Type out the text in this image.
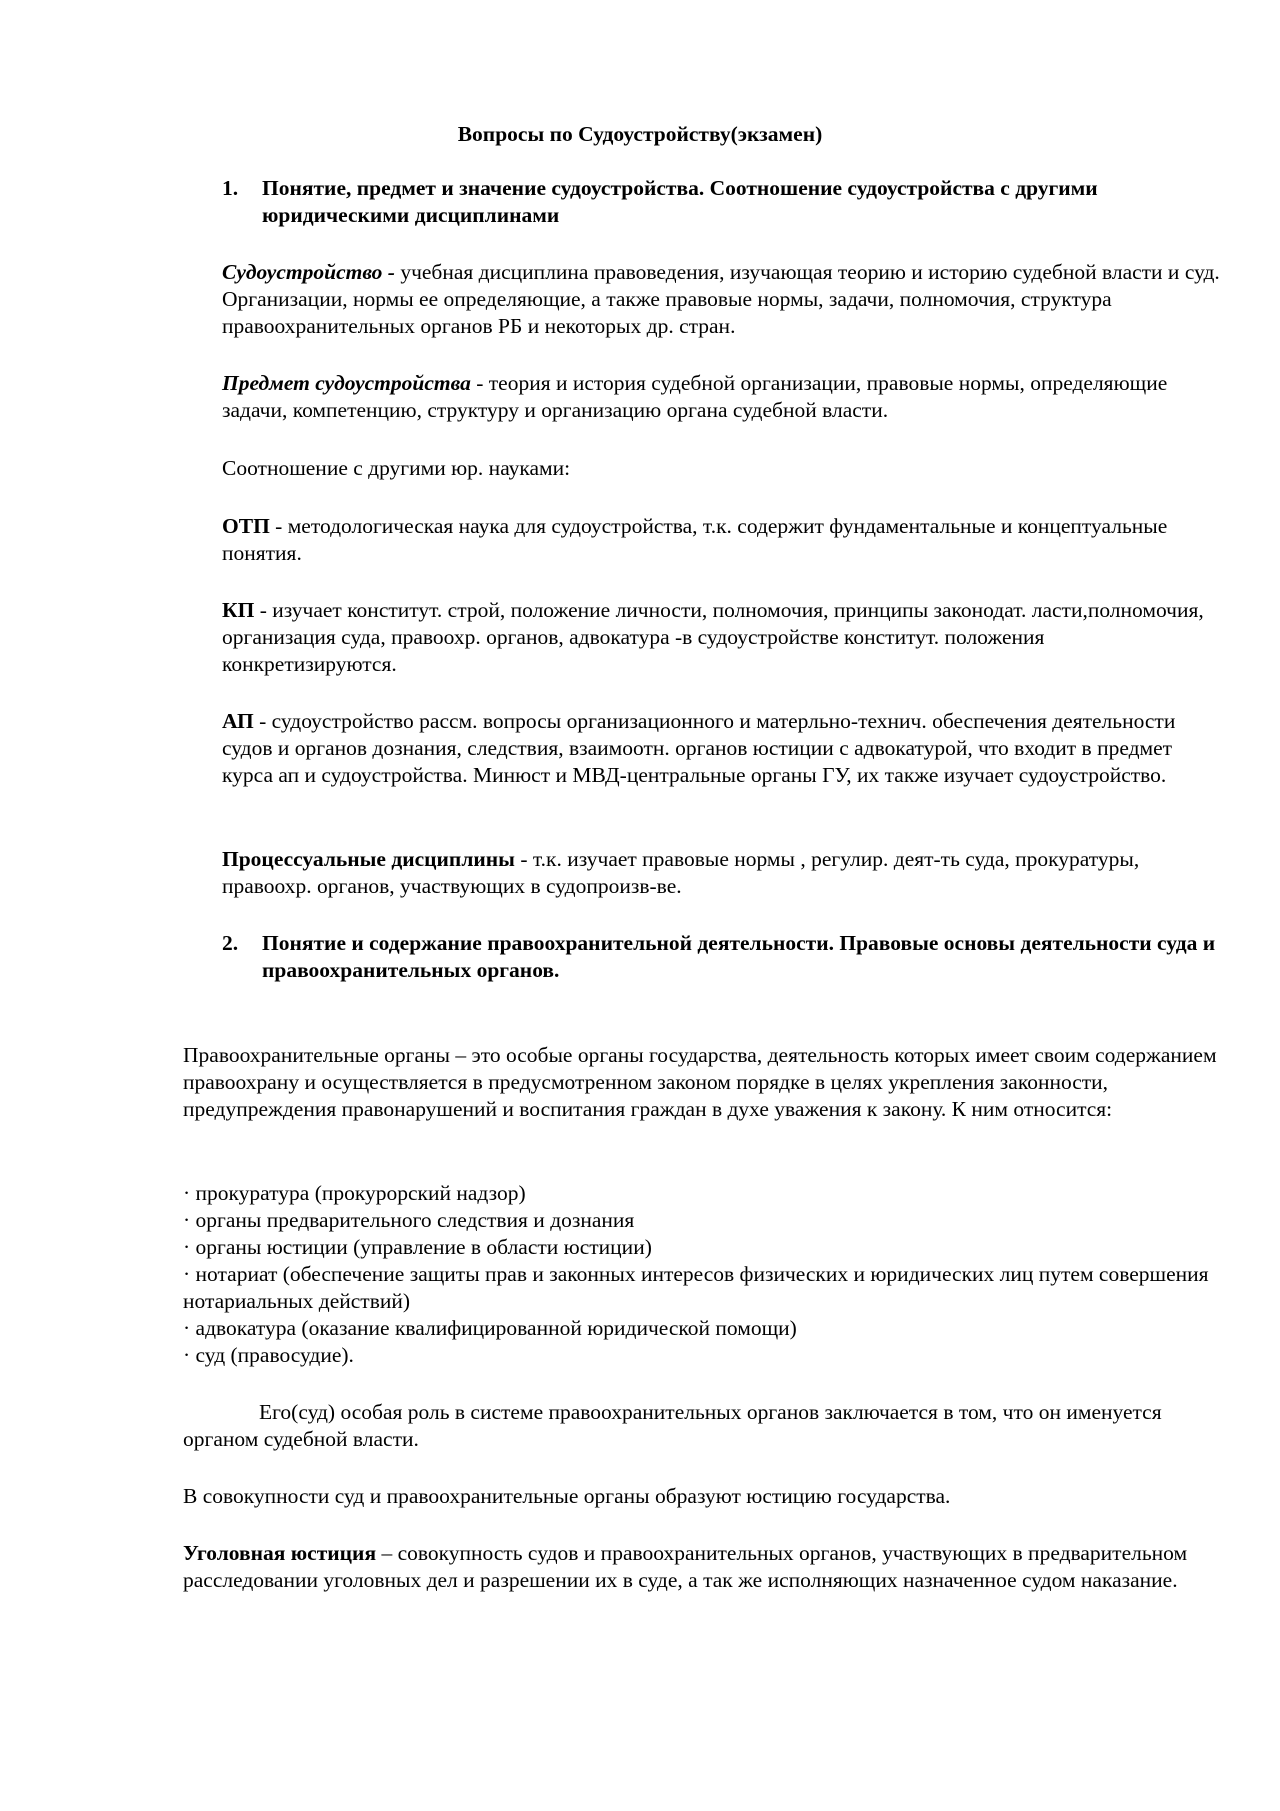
Вопросы по Судоустройству(экзамен)

1. Понятие, предмет и значение судоустройства. Соотношение судоустройства с другими юридическими дисциплинами

Судоустройство - учебная дисциплина правоведения, изучающая теорию и историю судебной власти и суд. Организации, нормы ее определяющие, а также правовые нормы, задачи, полномочия, структура правоохранительных органов РБ и некоторых др. стран.

Предмет судоустройства - теория и история судебной организации, правовые нормы, определяющие задачи, компетенцию, структуру и организацию органа судебной власти.

Соотношение с другими юр. науками:

ОТП - методологическая наука для судоустройства, т.к. содержит фундаментальные и концептуальные понятия.

КП - изучает конститут. строй, положение личности, полномочия, принципы законодат. ласти,полномочия, организация суда, правоохр. органов, адвокатура -в судоустройстве конститут. положения конкретизируются.

АП - судоустройство рассм. вопросы организационного и матерльно-технич. обеспечения деятельности судов и органов дознания, следствия, взаимоотн. органов юстиции с адвокатурой, что входит в предмет курса ап и судоустройства. Минюст и МВД-центральные органы ГУ, их также изучает судоустройство.

Процессуальные дисциплины - т.к. изучает правовые нормы , регулир. деят-ть суда, прокуратуры, правоохр. органов, участвующих в судопроизв-ве.

2. Понятие и содержание правоохранительной деятельности. Правовые основы деятельности суда и правоохранительных органов.

Правоохранительные органы – это особые органы государства, деятельность которых имеет своим содержанием правоохрану и осуществляется в предусмотренном законом порядке в целях укрепления законности, предупреждения правонарушений и воспитания граждан в духе уважения к закону. К ним относится:

· прокуратура (прокурорский надзор)
· органы предварительного следствия и дознания
· органы юстиции (управление в области юстиции)
· нотариат (обеспечение защиты прав и законных интересов физических и юридических лиц путем совершения нотариальных действий)
· адвокатура (оказание квалифицированной юридической помощи)
· суд (правосудие).

Его(суд) особая роль в системе правоохранительных органов заключается в том, что он именуется органом судебной власти.

В совокупности суд и правоохранительные органы образуют юстицию государства.

Уголовная юстиция – совокупность судов и правоохранительных органов, участвующих в предварительном расследовании уголовных дел и разрешении их в суде, а так же исполняющих назначенное судом наказание.
